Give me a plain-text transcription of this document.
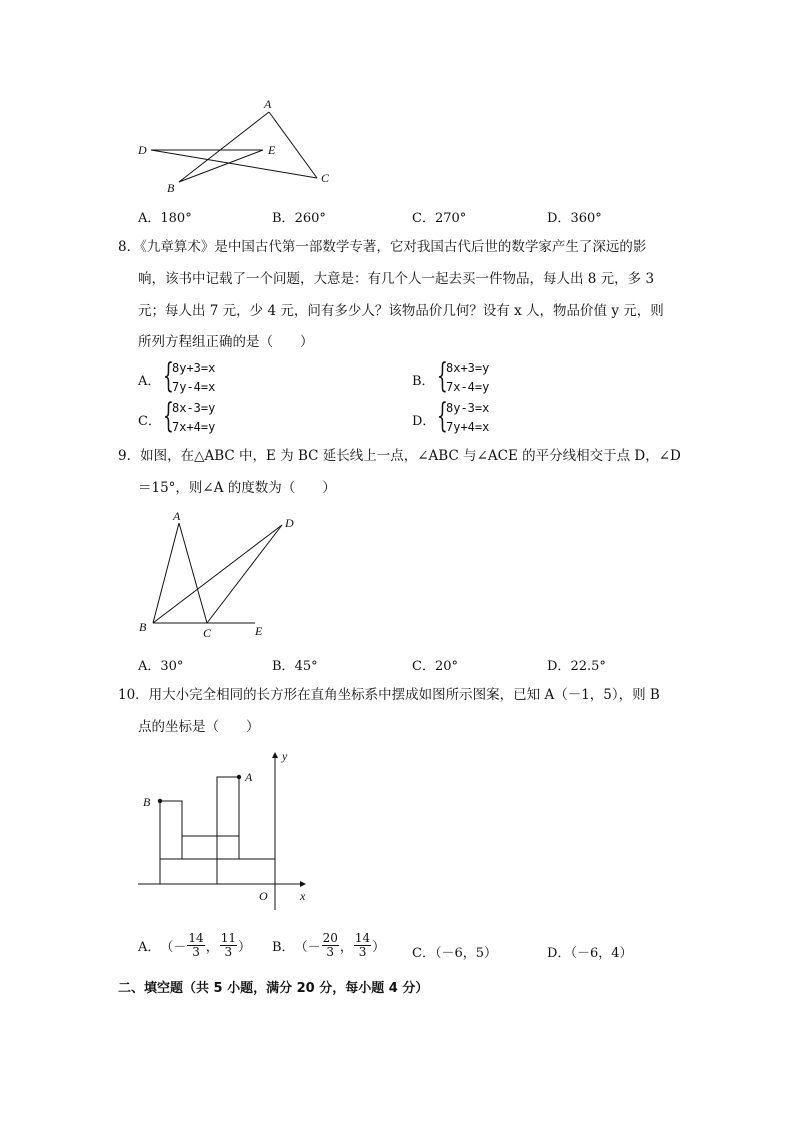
A
D	E
B
C
A．180°	B．260°	C．270°	D．360°
8．《九章算术》是中国古代第一部数学专著，它对我国古代后世的数学家产生了深远的影
响，该书中记载了一个问题，大意是：有几个人一起去买一件物品，每人出 8 元，多 3
元；每人出 7 元，少 4 元，问有多少人？该物品价几何？设有 x 人，物品价值 y 元，则
所列方程组正确的是（　　）
A． {
8y+3=x
7y-4=x	B． {
8x+3=y
7x-4=y
C． {
8x-3=y
7x+4=y	D． {
8y-3=x
7y+4=x
9．如图，在△ABC 中，E 为 BC 延长线上一点，∠ABC 与∠ACE 的平分线相交于点 D，∠D
＝15°，则∠A 的度数为（　　）
A	D
B	C	E
A．30°	B．45°	C．20°	D．22.5°
10．用大小完全相同的长方形在直角坐标系中摆成如图所示图案，已知 A（－1，5），则 B
点的坐标是（　　）
B
A
O	x
y
A． （－ $\frac{14}{3}$ ， $\frac{11}{3}$ ） B． （－ $\frac{20}{3}$ ， $\frac{14}{3}$ ） C．（－6，5）	D．（－6，4）
二、填空题（共 5 小题，满分 20 分，每小题 4 分）
